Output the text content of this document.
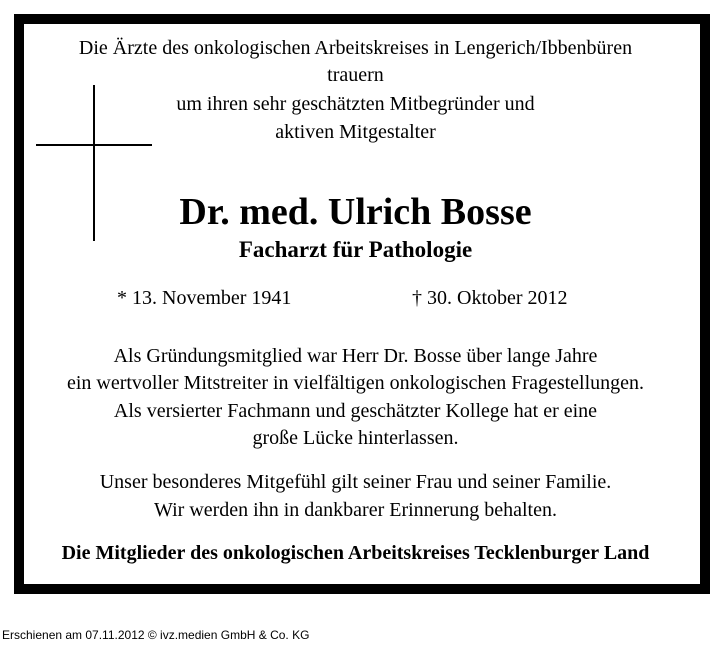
Die Ärzte des onkologischen Arbeitskreises in Lengerich/Ibbenbüren
trauern
um ihren sehr geschätzten Mitbegründer und
aktiven Mitgestalter
Dr. med. Ulrich Bosse
Facharzt für Pathologie
* 13. November 1941	† 30. Oktober 2012
Als Gründungsmitglied war Herr Dr. Bosse über lange Jahre
ein wertvoller Mitstreiter in vielfältigen onkologischen Fragestellungen.
Als versierter Fachmann und geschätzter Kollege hat er eine
große Lücke hinterlassen.
Unser besonderes Mitgefühl gilt seiner Frau und seiner Familie.
Wir werden ihn in dankbarer Erinnerung behalten.
Die Mitglieder des onkologischen Arbeitskreises Tecklenburger Land
Erschienen am 07.11.2012 © ivz.medien GmbH & Co. KG
